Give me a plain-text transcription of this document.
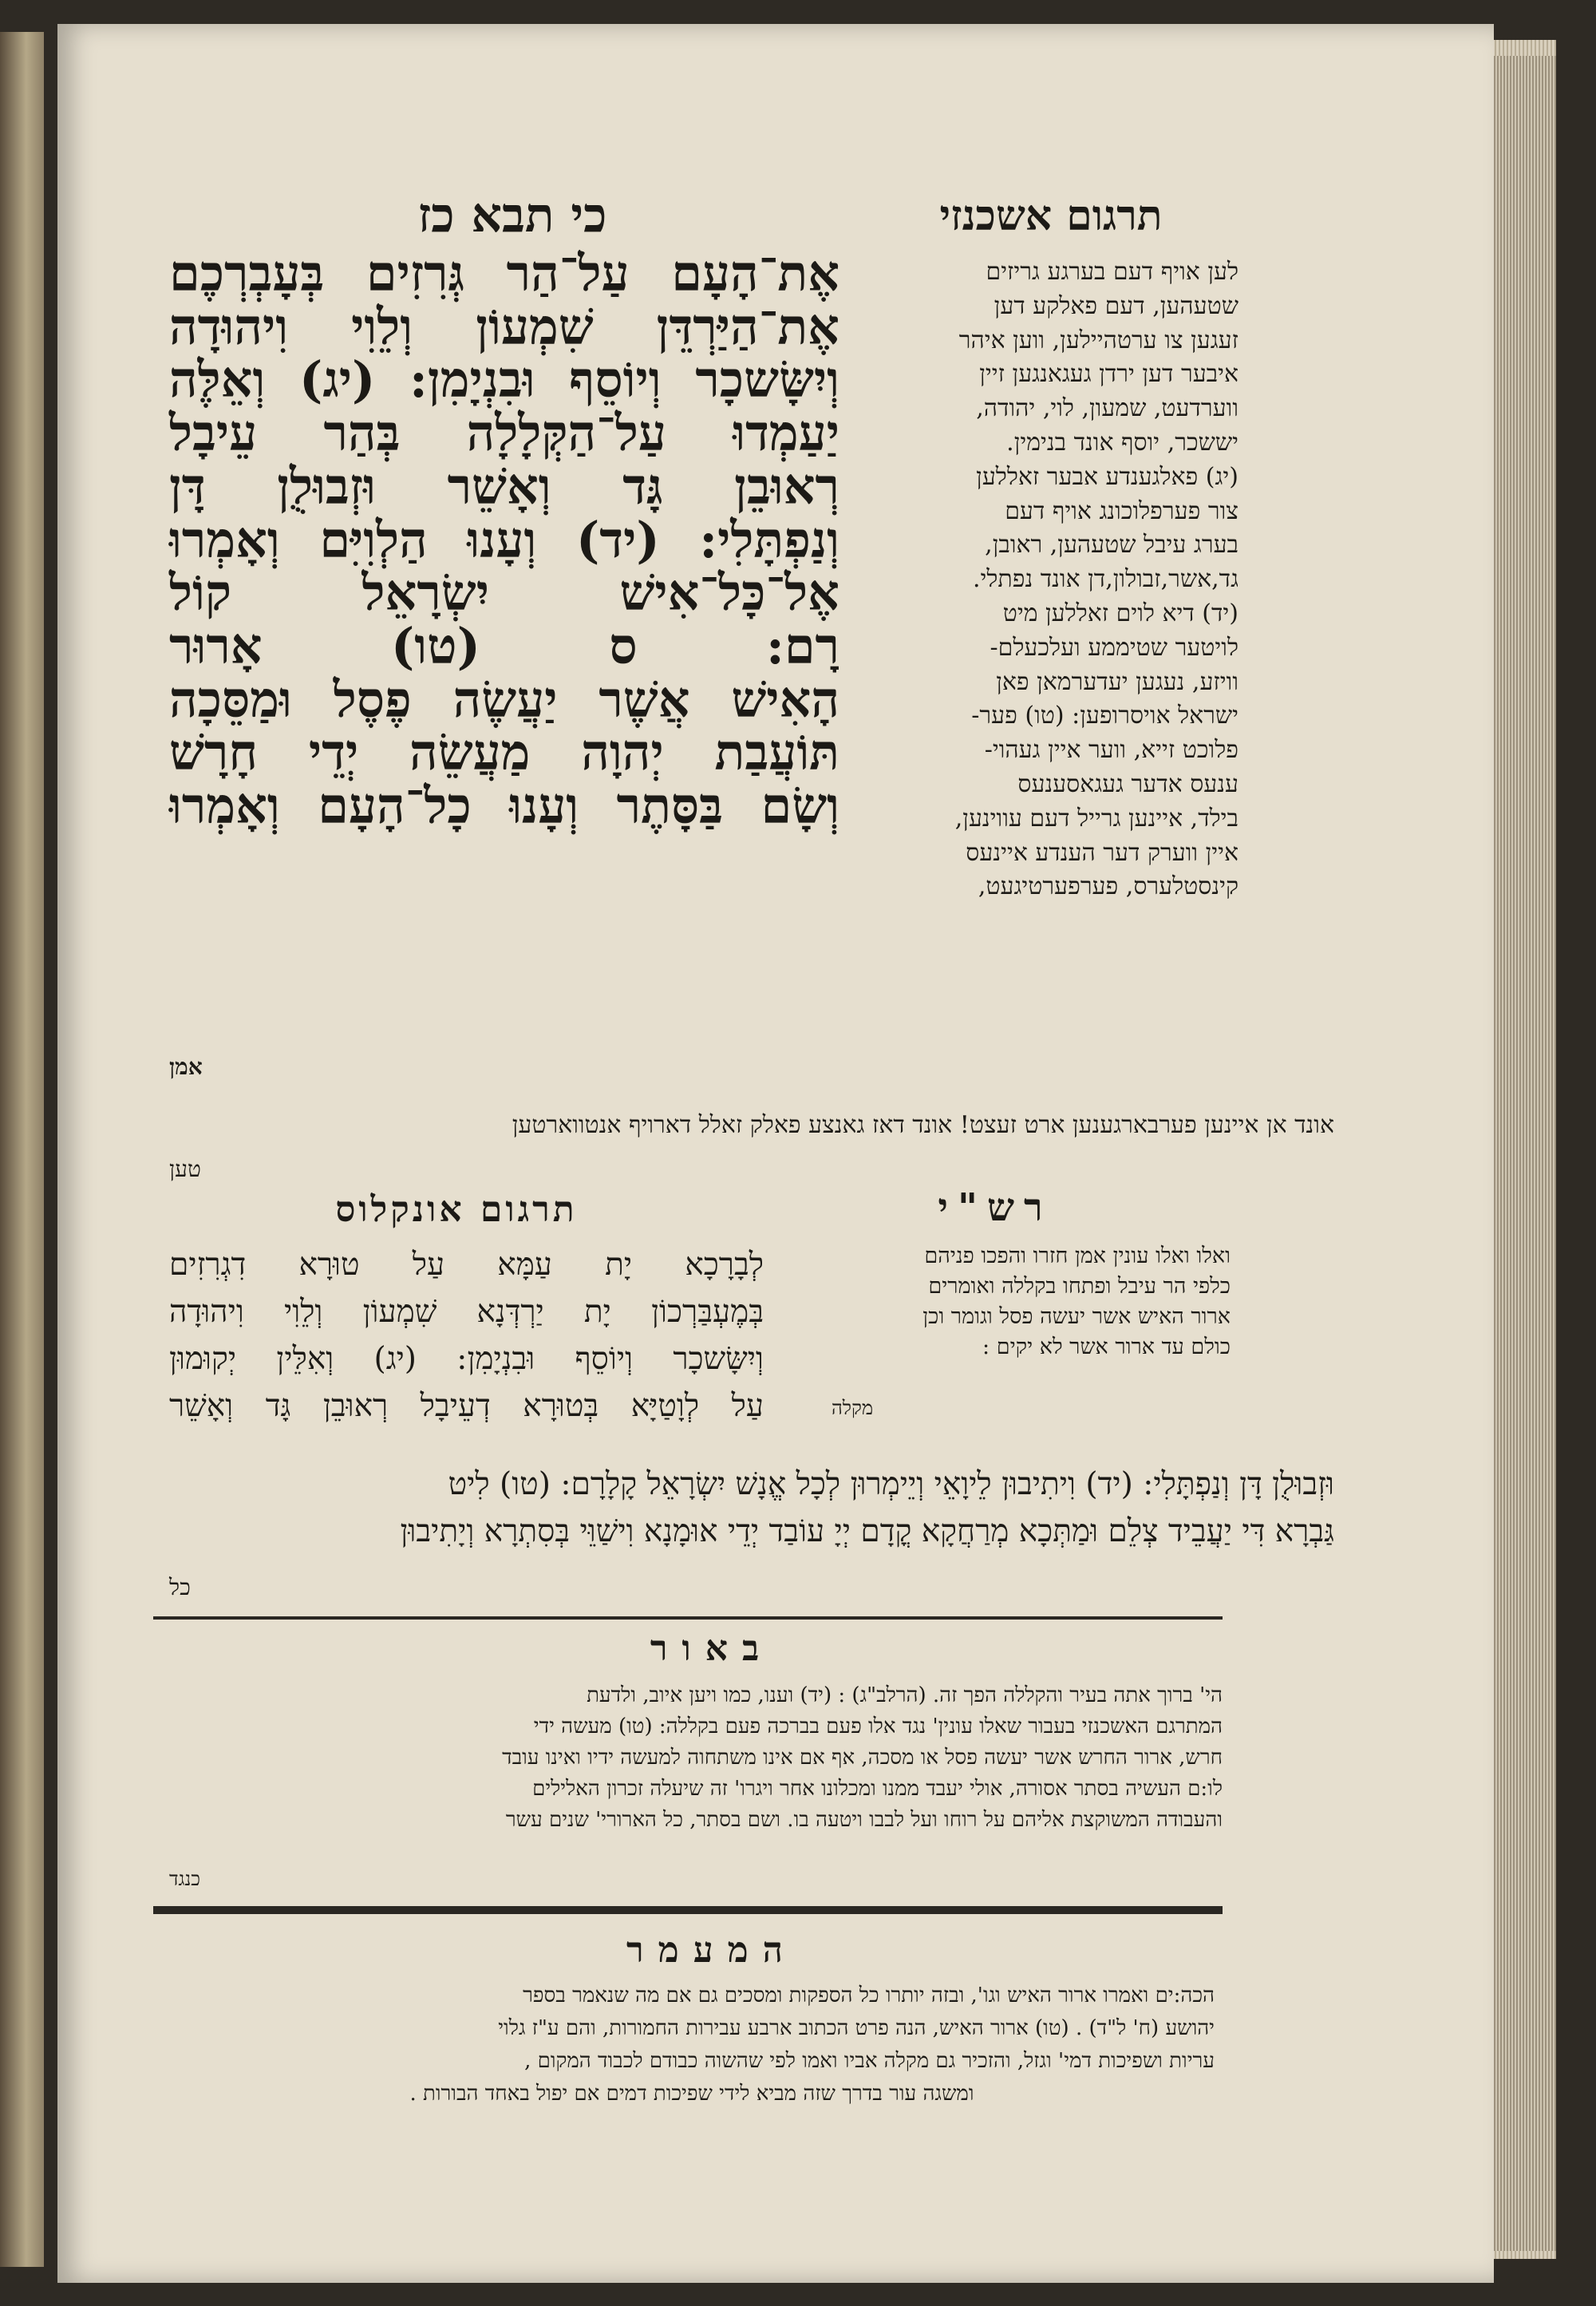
תרגום אשכנזי
כי תבא כז

לען אויף דעם בערגע גריזים

שטעהען, דעם פאלקע דען

זעגען צו ערטהיילען, ווען איהר

איבער דען ירדן געגאנגען זיין

ווערדעט, שמעון, לוי, יהודה,

יששכר, יוסף אונד בנימין.

(יג) פאלגענדע אבער זאללען

צור פערפלוכונג אויף דעם

בערג עיבל שטעהען, ראובן,

גד,אשר,זבולון,דן אונד נפתלי.

(יד) דיא לוים זאללען מיט

לויטער שטיממע ועלכעלם-

וויזע, נעגען יעדערמאן פאן

ישראל אויסרופען: (טו) פער-

פלוכט זייא, ווער איין געהוי-

ענעס אדער געגאסענעס

בילד, איינען גרייל דעם עווינען,

איין ווערק דער הענדע איינעס

קינסטלערס, פערפערטיגעט,

אֶת־הָעָם עַל־הַר גְּרִזִים בְּעָבְרְכֶם

אֶת־הַיַּרְדֵּן שִׁמְעוֹן וְלֵוִי וִיהוּדָה

וְיִשָּׂשכָר וְיוֹסֵף וּבִנְיָמִן: (יג) וְאֵלֶּה

יַעַמְדוּ עַל־הַקְּלָלָה בְּהַר עֵיבָל

רְאוּבֵן גָּד וְאָשֵׁר וּזְבוּלֻן דָּן

וְנַפְתָּלִי: (יד) וְעָנוּ הַלְוִיִּם וְאָמְרוּ

אֶל־כָּל־אִישׁ יִשְׂרָאֵל קוֹל

רָם: ס (טו) אָרוּר

הָאִישׁ אֲשֶׁר יַעֲשֶׂה פֶסֶל וּמַסֵּכָה

תּוֹעֲבַת יְהוָה מַעֲשֵׂה יְדֵי חָרָשׁ

וְשָׂם בַּסָּתֶר וְעָנוּ כָל־הָעָם וְאָמְרוּ

אמן
אונד אן איינען פערבארגענען ארט זעצט! אונד דאז גאנצע פאלק זאלל דארויף אנטווארטען
טען
רש"י
תרגום אונקלוס

ואלו ואלו עונין אמן חזרו והפכו פניהם

כלפי הר עיבל ופתחו בקללה ואומרים

ארור האיש אשר יעשה פסל וגומר וכן

כולם עד ארור אשר לא יקים :

מקלה

לְבָרָכָא יָת עַמָּא עַל טוּרָא דִגְרִזִים

בְּמֶעְבַּרְכוֹן יָת יַרְדְּנָא שִׁמְעוֹן וְלֵוִי וִיהוּדָה

וְיִשָּׂשכָר וְיוֹסֵף וּבִנְיָמִן: (יג) וְאִלֵּין יְקוּמוּן

עַל לְוָטַיָּא בְּטוּרָא דְעֵיבָל רְאוּבֵן גָּד וְאָשֵׁר

וּזְבוּלֻן דָּן וְנַפְתָּלִי: (יד) וִיתִיבוּן לֵיוָאֵי וְיֵימְרוּן לְכָל אֱנָשׁ יִשְׂרָאֵל קָלָרָם: (טו) לִיט

גַּבְרָא דִּי יַעֲבֵיד צְלֵם וּמַתְּכָא מְרַחֲקָא קֳדָם יְיָ עוֹבַד יְדֵי אוּמָנָא וִישַׁוֵּי בְּסִתְרָא וְיָתִיבוּן

כל
באור

הי' ברוך אתה בעיר והקללה הפך זה. (הרלב"ג) : (יד) וענו, כמו ויען איוב, ולדעת

המתרגם האשכנזי בעבור שאלו עונין' נגד אלו פעם בברכה פעם בקללה: (טו) מעשה ידי

חרש, ארור החרש אשר יעשה פסל או מסכה, אף אם אינו משתחוה למעשה ידיו ואינו עובד

לו:ם העשיה בסתר אסורה, אולי יעבד ממנו ומכלונו אחר ויגרו' זה שיעלה זכרון האלילים

והעבודה המשוקצת אליהם על רוחו ועל לבבו ויטעה בו. ושם בסתר, כל הארורי' שנים עשר

כנגד
המעמר

הכה:ים ואמרו ארור האיש וגו', ובזה יותרו כל הספקות ומסכים גם אם מה שנאמר בספר

יהושע (ח' ל"ד) . (טו) ארור האיש, הנה פרט הכתוב ארבע עבירות החמורות, והם ע"ז גלוי

עריות ושפיכות דמי' וגזל, והזכיר גם מקלה אביו ואמו לפי שהשוה כבודם לכבוד המקום ,

ומשגה עור בדרך שזה מביא לידי שפיכות דמים אם יפול באחד הבורות .
